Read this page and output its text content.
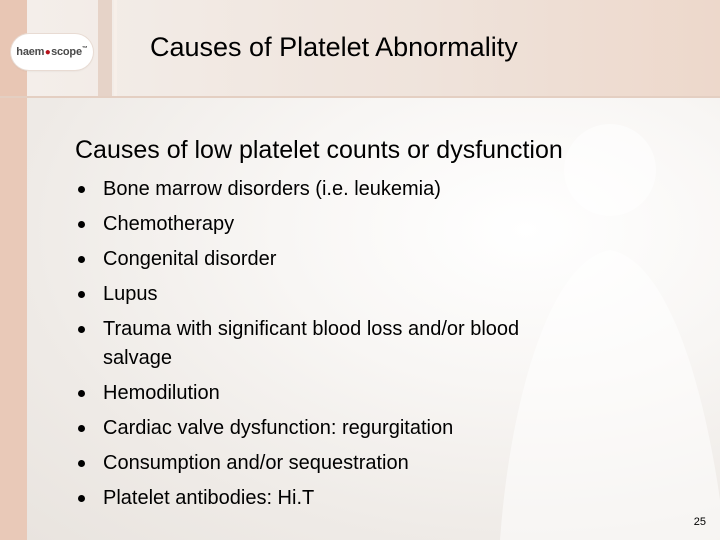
haem●scope™ Causes of Platelet Abnormality
Causes of low platelet counts or dysfunction
Bone marrow disorders (i.e. leukemia)
Chemotherapy
Congenital disorder
Lupus
Trauma with significant blood loss and/or blood
salvage
Hemodilution
Cardiac valve dysfunction: regurgitation
Consumption and/or sequestration
Platelet antibodies: Hi.T
25
